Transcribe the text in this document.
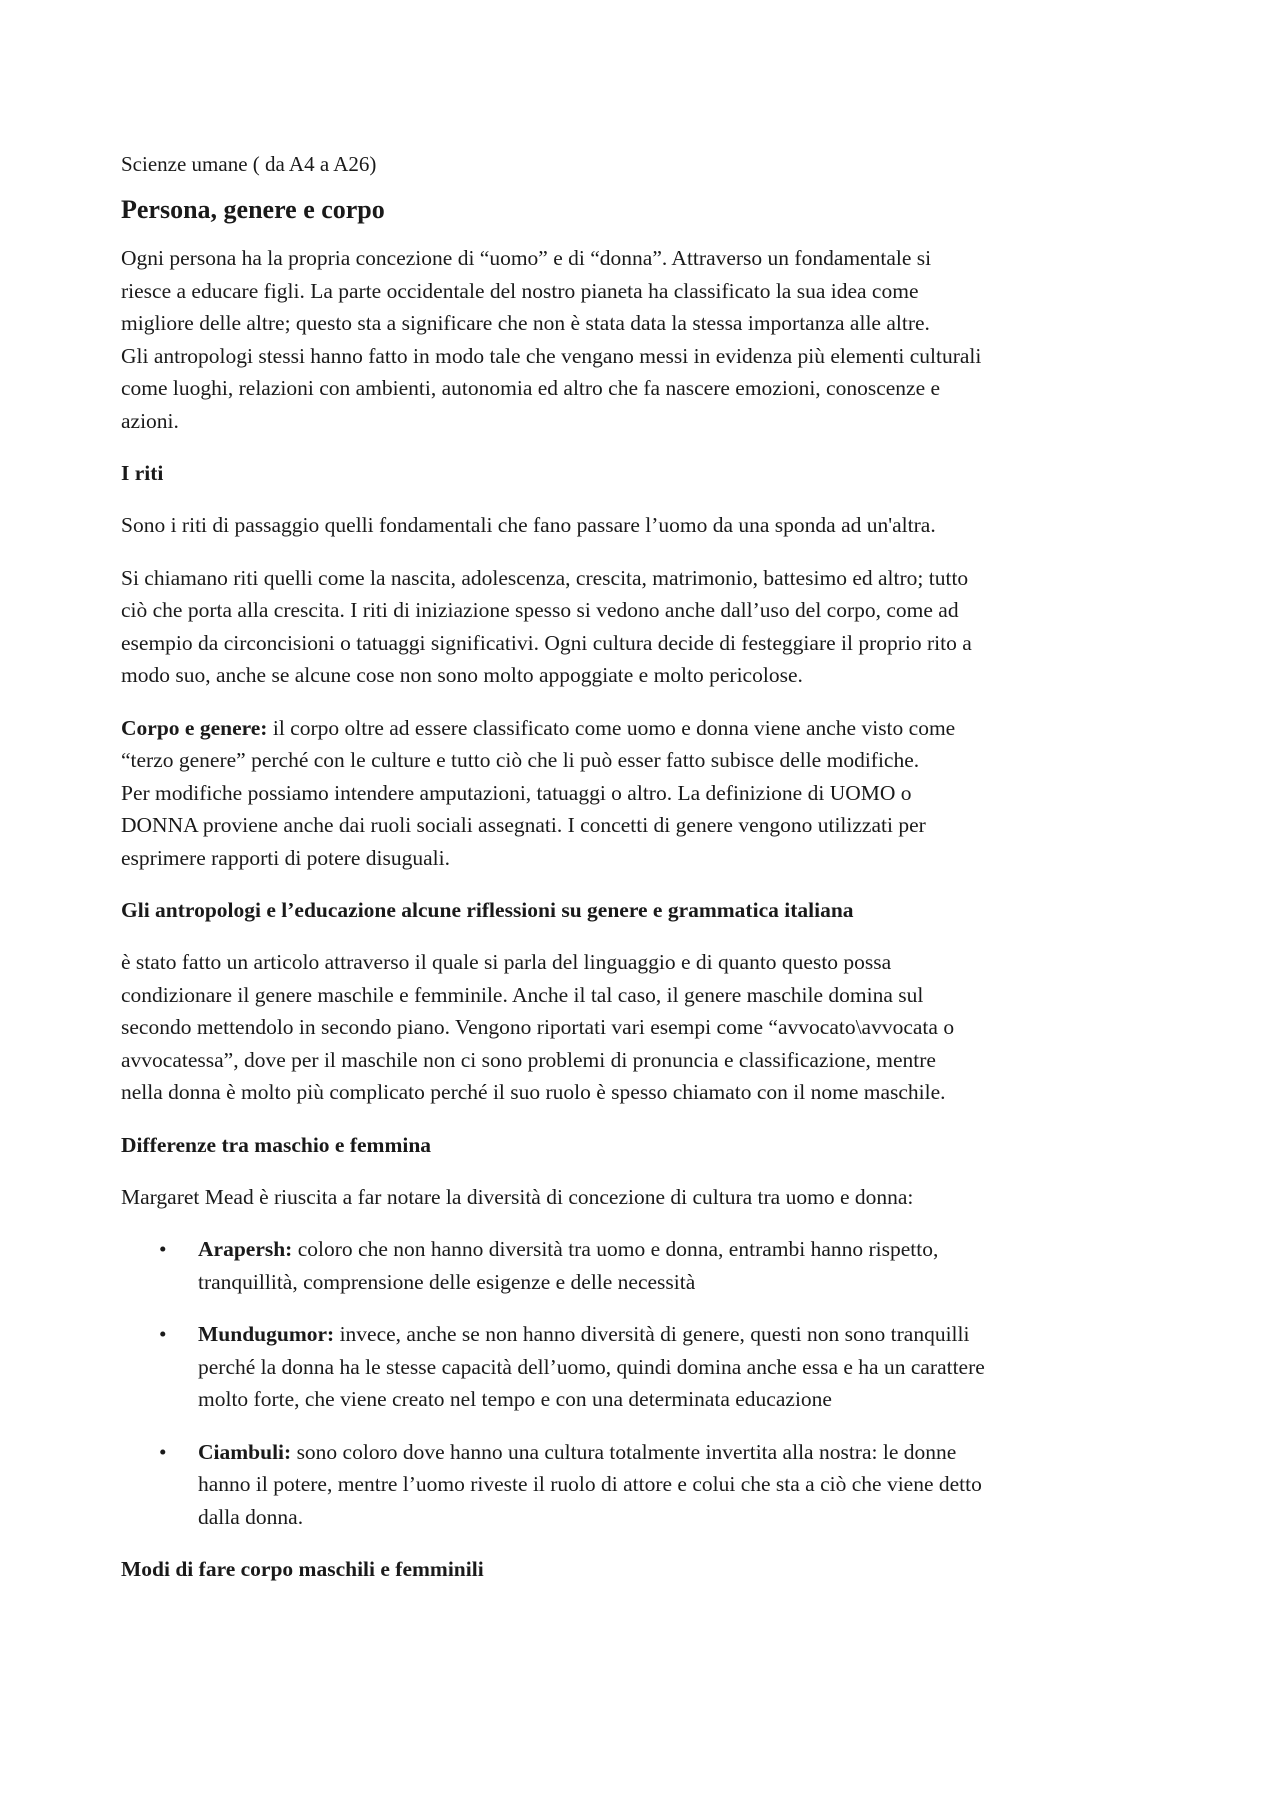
Scienze umane ( da A4 a A26)
Persona, genere e corpo

Ogni persona ha la propria concezione di “uomo” e di “donna”. Attraverso un fondamentale si
riesce a educare figli. La parte occidentale del nostro pianeta ha classificato la sua idea come
migliore delle altre; questo sta a significare che non è stata data la stessa importanza alle altre.
Gli antropologi stessi hanno fatto in modo tale che vengano messi in evidenza più elementi culturali
come luoghi, relazioni con ambienti, autonomia ed altro che fa nascere emozioni, conoscenze e
azioni.

I riti

Sono i riti di passaggio quelli fondamentali che fano passare l’uomo da una sponda ad un'altra.

Si chiamano riti quelli come la nascita, adolescenza, crescita, matrimonio, battesimo ed altro; tutto
ciò che porta alla crescita. I riti di iniziazione spesso si vedono anche dall’uso del corpo, come ad
esempio da circoncisioni o tatuaggi significativi. Ogni cultura decide di festeggiare il proprio rito a
modo suo, anche se alcune cose non sono molto appoggiate e molto pericolose.

Corpo e genere: il corpo oltre ad essere classificato come uomo e donna viene anche visto come
“terzo genere” perché con le culture e tutto ciò che li può esser fatto subisce delle modifiche.
Per modifiche possiamo intendere amputazioni, tatuaggi o altro. La definizione di UOMO o
DONNA proviene anche dai ruoli sociali assegnati. I concetti di genere vengono utilizzati per
esprimere rapporti di potere disuguali.

Gli antropologi e l’educazione alcune riflessioni su genere e grammatica italiana

è stato fatto un articolo attraverso il quale si parla del linguaggio e di quanto questo possa
condizionare il genere maschile e femminile. Anche il tal caso, il genere maschile domina sul
secondo mettendolo in secondo piano. Vengono riportati vari esempi come “avvocato\avvocata o
avvocatessa”, dove per il maschile non ci sono problemi di pronuncia e classificazione, mentre
nella donna è molto più complicato perché il suo ruolo è spesso chiamato con il nome maschile.

Differenze tra maschio e femmina

Margaret Mead è riuscita a far notare la diversità di concezione di cultura tra uomo e donna:

• Arapersh: coloro che non hanno diversità tra uomo e donna, entrambi hanno rispetto,
tranquillità, comprensione delle esigenze e delle necessità
• Mundugumor: invece, anche se non hanno diversità di genere, questi non sono tranquilli
perché la donna ha le stesse capacità dell’uomo, quindi domina anche essa e ha un carattere
molto forte, che viene creato nel tempo e con una determinata educazione
• Ciambuli: sono coloro dove hanno una cultura totalmente invertita alla nostra: le donne
hanno il potere, mentre l’uomo riveste il ruolo di attore e colui che sta a ciò che viene detto
dalla donna.
Modi di fare corpo maschili e femminili
